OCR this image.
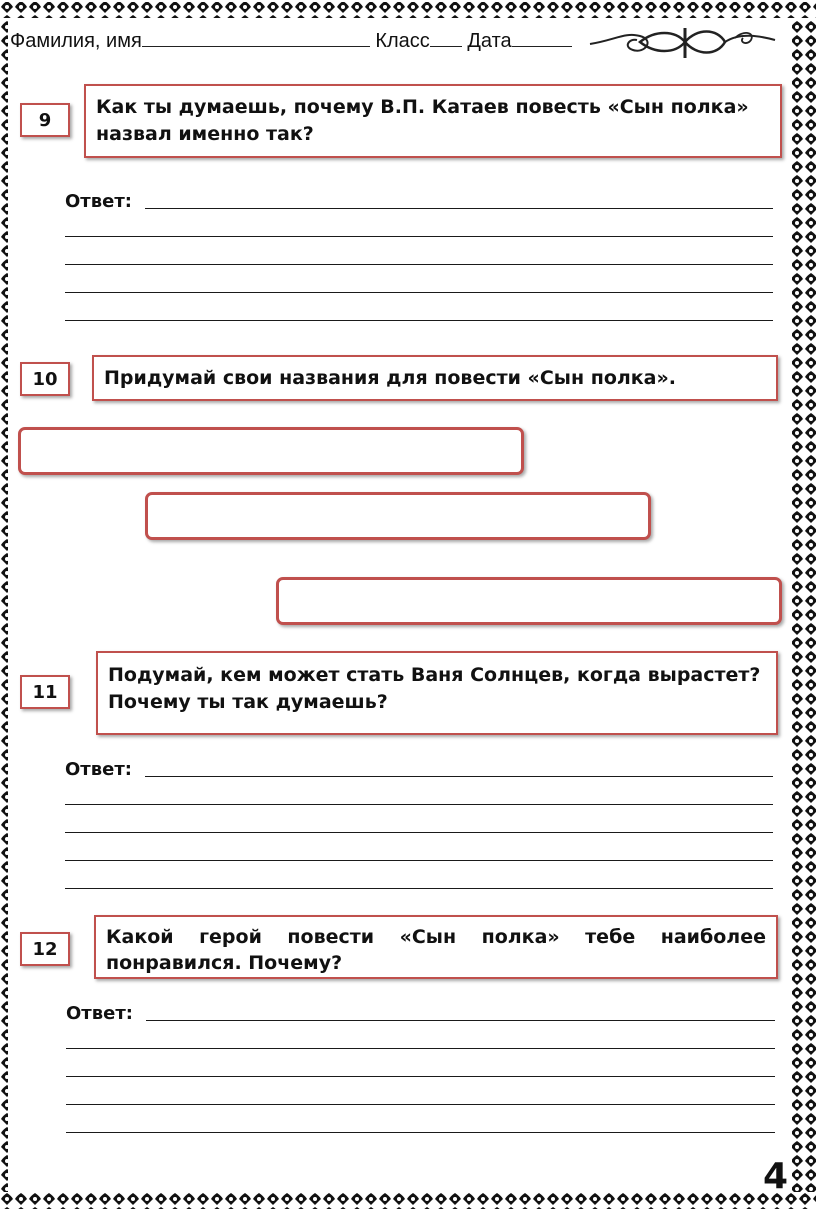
Фамилия, имя	Класс Дата
9
Как ты думаешь, почему В.П. Катаев повесть «Сын полка» назвал именно так?
Ответ:
10	Придумай свои названия для повести «Сын полка».
11
Подумай, кем может стать Ваня Солнцев, когда вырастет? Почему ты так думаешь?
Ответ:
12
Какой герой повести «Сын полка» тебе наиболее понравился. Почему?
Ответ:
4
